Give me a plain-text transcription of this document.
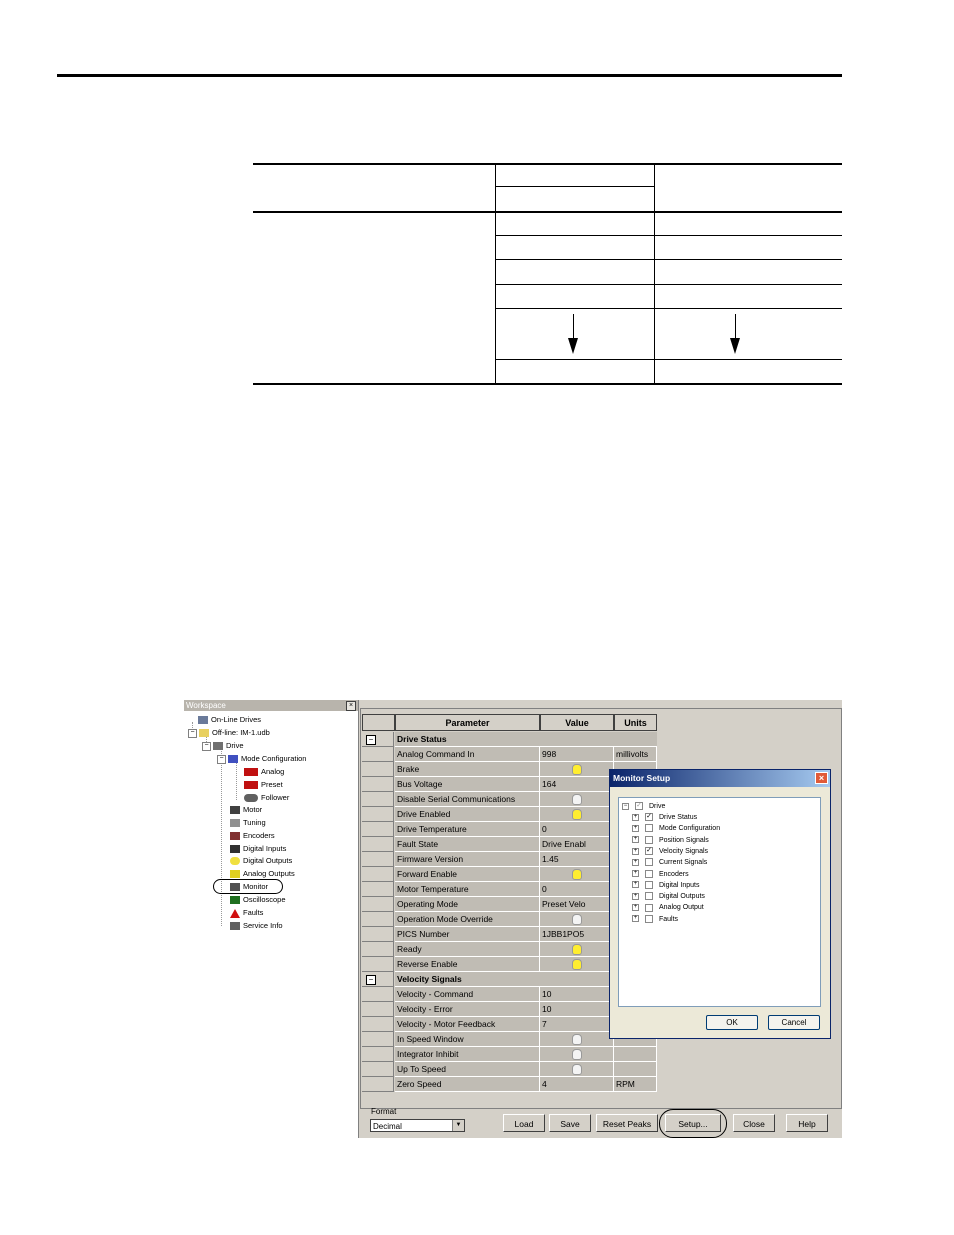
Workspace	×
On-Line Drives
− Off-line: IM-1.udb
− Drive
− Mode Configuration
Analog
Preset
Follower
Motor
Tuning
Encoders
Digital Inputs
Digital Outputs
Analog Outputs
Monitor
Oscilloscope
Faults
Service Info
Parameter	Value	Units
−	Drive Status
Analog Command In	998	millivolts
Brake
Bus Voltage	164
Disable Serial Communications
Drive Enabled
Drive Temperature	0
Fault State	Drive Enabl
Firmware Version	1.45
Forward Enable
Motor Temperature	0
Operating Mode	Preset Velo
Operation Mode Override
PICS Number	1JBB1PO5
Ready
Reverse Enable
−	Velocity Signals
Velocity - Command	10
Velocity - Error	10
Velocity - Motor Feedback	7
In Speed Window
Integrator Inhibit
Up To Speed
Zero Speed	4	RPM
Format
Decimal	▼	Load	Save	Reset Peaks	Setup...	Close	Help
Monitor Setup	×
− ✓ Drive
+ ✓ Drive Status
+	Mode Configuration
+	Position Signals
+ ✓ Velocity Signals
+	Current Signals
+	Encoders
+	Digital Inputs
+	Digital Outputs
+	Analog Output
+	Faults
OK	Cancel
